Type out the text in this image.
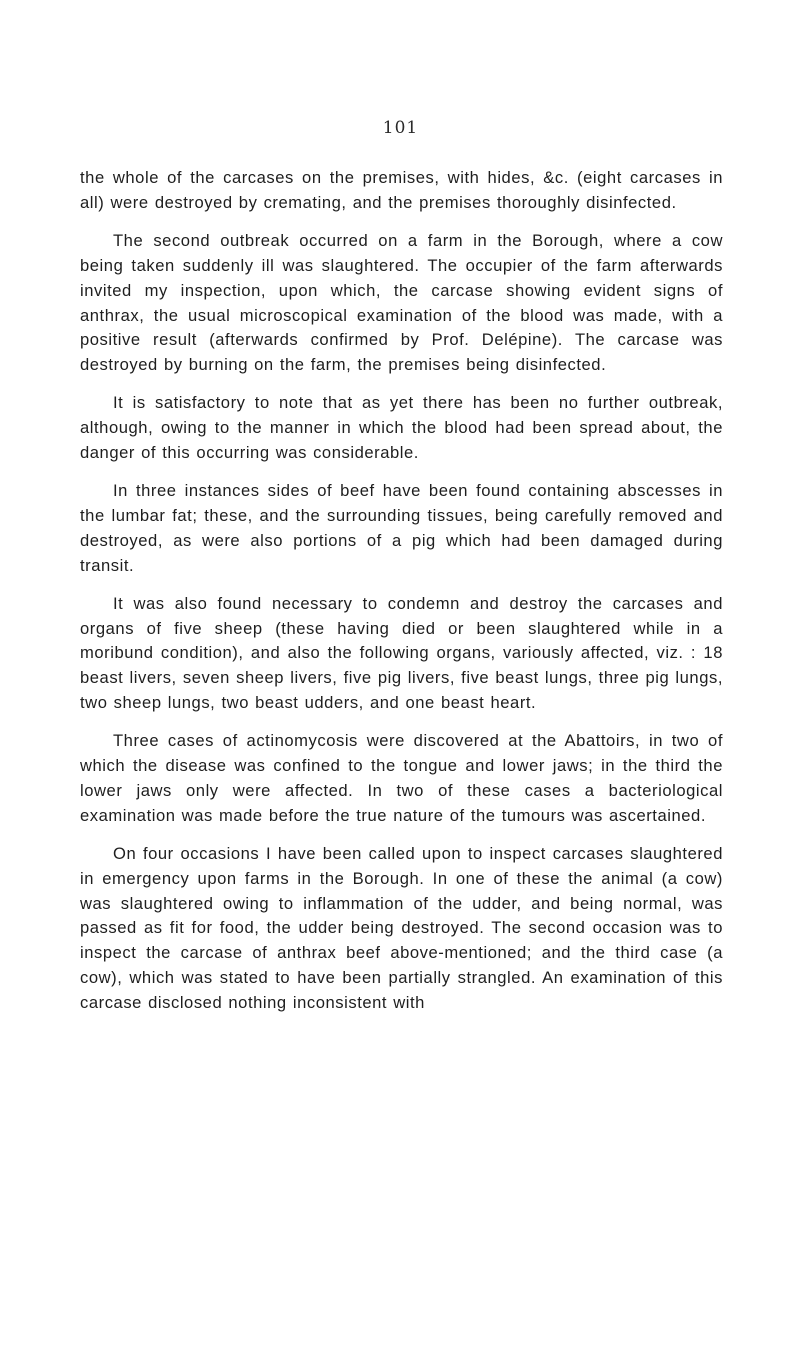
101

the whole of the carcases on the premises, with hides, &c. (eight carcases in all) were destroyed by cremating, and the premises thoroughly disinfected.

The second outbreak occurred on a farm in the Borough, where a cow being taken suddenly ill was slaughtered. The occupier of the farm afterwards invited my inspection, upon which, the carcase showing evident signs of anthrax, the usual microscopical examination of the blood was made, with a positive result (afterwards confirmed by Prof. Delépine). The carcase was destroyed by burning on the farm, the premises being disinfected.

It is satisfactory to note that as yet there has been no further outbreak, although, owing to the manner in which the blood had been spread about, the danger of this occurring was considerable.

In three instances sides of beef have been found containing abscesses in the lumbar fat; these, and the surrounding tissues, being carefully removed and destroyed, as were also portions of a pig which had been damaged during transit.

It was also found necessary to condemn and destroy the carcases and organs of five sheep (these having died or been slaughtered while in a moribund condition), and also the following organs, variously affected, viz. : 18 beast livers, seven sheep livers, five pig livers, five beast lungs, three pig lungs, two sheep lungs, two beast udders, and one beast heart.

Three cases of actinomycosis were discovered at the Abattoirs, in two of which the disease was confined to the tongue and lower jaws; in the third the lower jaws only were affected. In two of these cases a bacteriological examination was made before the true nature of the tumours was ascertained.

On four occasions I have been called upon to inspect carcases slaughtered in emergency upon farms in the Borough. In one of these the animal (a cow) was slaughtered owing to inflammation of the udder, and being normal, was passed as fit for food, the udder being destroyed. The second occasion was to inspect the carcase of anthrax beef above-mentioned; and the third case (a cow), which was stated to have been partially strangled. An examination of this carcase disclosed nothing inconsistent with
